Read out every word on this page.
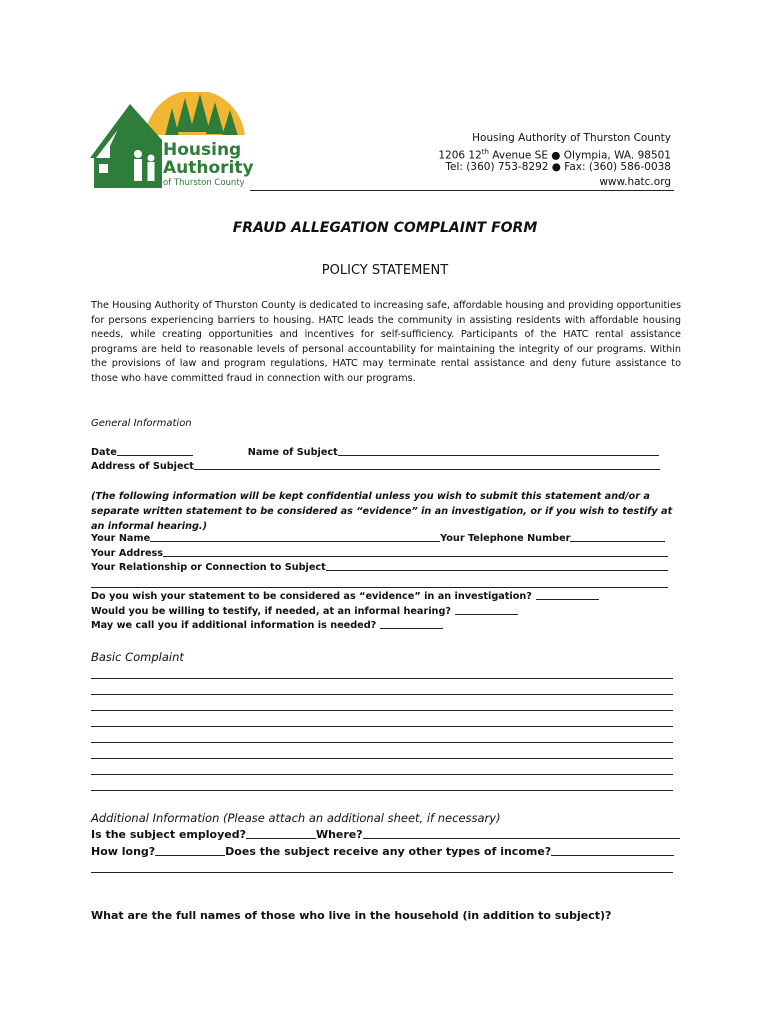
Housing
Authority
of Thurston County
Housing Authority of Thurston County
1206 12th Avenue SE ● Olympia, WA. 98501
Tel: (360) 753-8292 ● Fax: (360) 586-0038
www.hatc.org
FRAUD ALLEGATION COMPLAINT FORM
POLICY STATEMENT
The Housing Authority of Thurston County is dedicated to increasing safe, affordable housing and providing opportunities for persons experiencing barriers to housing. HATC leads the community in assisting residents with affordable housing needs, while creating opportunities and incentives for self-sufficiency. Participants of the HATC rental assistance programs are held to reasonable levels of personal accountability for maintaining the integrity of our programs. Within the provisions of law and program regulations, HATC may terminate rental assistance and deny future assistance to those who have committed fraud in connection with our programs.
General Information
Date	Name of Subject
Address of Subject
(The following information will be kept confidential unless you wish to submit this statement and/or a separate written statement to be considered as “evidence” in an investigation, or if you wish to testify at an informal hearing.)
Your Name	Your Telephone Number
Your Address
Your Relationship or Connection to Subject
Do you wish your statement to be considered as “evidence” in an investigation?
Would you be willing to testify, if needed, at an informal hearing?
May we call you if additional information is needed?
Basic Complaint
Additional Information (Please attach an additional sheet, if necessary)
Is the subject employed?	Where?
How long?	Does the subject receive any other types of income?
What are the full names of those who live in the household (in addition to subject)?
